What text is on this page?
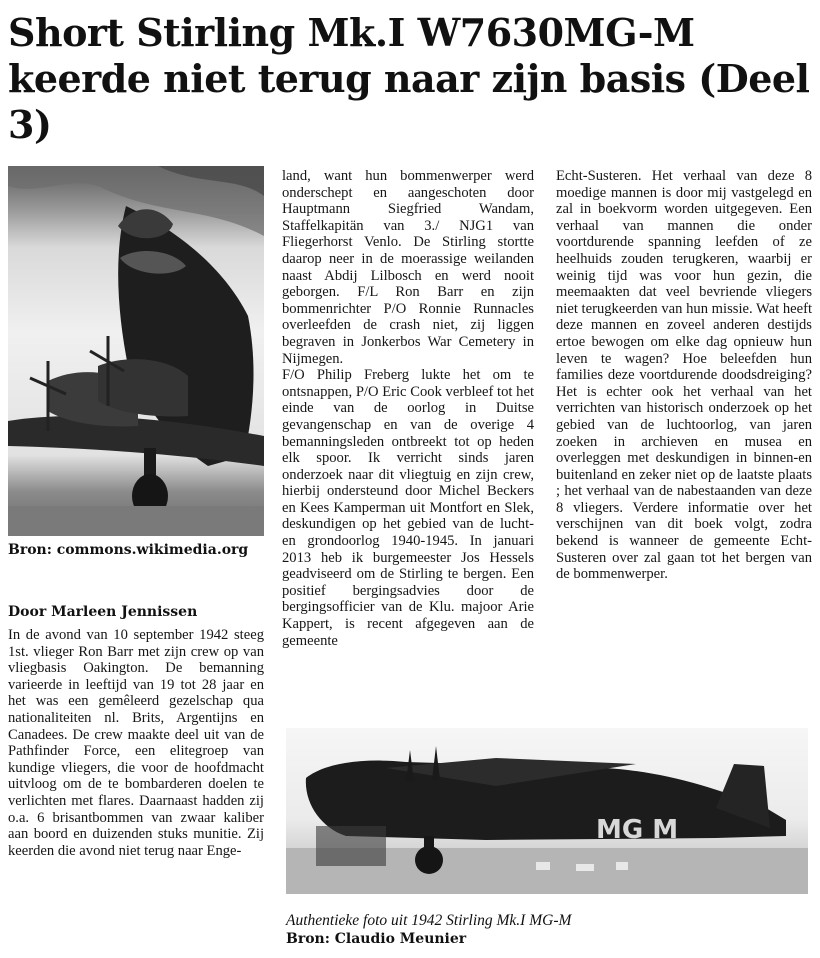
Short Stirling Mk.I W7630MG-M keerde niet terug naar zijn basis (Deel 3)

Bron: commons.wikimedia.org

Door Marleen Jennissen

In de avond van 10 september 1942 steeg 1st. vlieger Ron Barr met zijn crew op van vliegbasis Oakington. De bemanning varieerde in leeftijd van 19 tot 28 jaar en het was een gemêleerd gezelschap qua nationaliteiten nl. Brits, Argentijns en Canadees. De crew maakte deel uit van de Pathfinder Force, een elitegroep van kundige vliegers, die voor de hoofdmacht uitvloog om de te bombarderen doelen te verlichten met flares. Daarnaast hadden zij o.a. 6 brisantbommen van zwaar kaliber aan boord en duizenden stuks munitie. Zij keerden die avond niet terug naar Enge-

land, want hun bommenwerper werd onderschept en aangeschoten door Hauptmann Siegfried Wandam, Staffelkapitän van 3./ NJG1 van Fliegerhorst Venlo. De Stirling stortte daarop neer in de moerassige weilanden naast Abdij Lilbosch en werd nooit geborgen. F/L Ron Barr en zijn bommenrichter P/O Ronnie Runnacles overleefden de crash niet, zij liggen begraven in Jonkerbos War Cemetery in Nijmegen.

F/O Philip Freberg lukte het om te ontsnappen, P/O Eric Cook verbleef tot het einde van de oorlog in Duitse gevangenschap en van de overige 4 bemanningsleden ontbreekt tot op heden elk spoor. Ik verricht sinds jaren onderzoek naar dit vliegtuig en zijn crew, hierbij ondersteund door Michel Beckers en Kees Kamperman uit Montfort en Slek, deskundigen op het gebied van de lucht- en grondoorlog 1940-1945. In januari 2013 heb ik burgemeester Jos Hessels geadviseerd om de Stirling te bergen. Een positief bergingsadvies door de bergingsofficier van de Klu. majoor Arie Kappert, is recent afgegeven aan de gemeente

Echt-Susteren. Het verhaal van deze 8 moedige mannen is door mij vastgelegd en zal in boekvorm worden uitgegeven. Een verhaal van mannen die onder voortdurende spanning leefden of ze heelhuids zouden terugkeren, waarbij er weinig tijd was voor hun gezin, die meemaakten dat veel bevriende vliegers niet terugkeerden van hun missie. Wat heeft deze mannen en zoveel anderen destijds ertoe bewogen om elke dag opnieuw hun leven te wagen? Hoe beleefden hun families deze voortdurende doodsdreiging? Het is echter ook het verhaal van het verrichten van historisch onderzoek op het gebied van de luchtoorlog, van jaren zoeken in archieven en musea en overleggen met deskundigen in binnen-en buitenland en zeker niet op de laatste plaats ; het verhaal van de nabestaanden van deze 8 vliegers. Verdere informatie over het verschijnen van dit boek volgt, zodra bekend is wanneer de gemeente Echt-Susteren over zal gaan tot het bergen van de bommenwerper.

MG M

Authentieke foto uit 1942 Stirling Mk.I MG-M

Bron: Claudio Meunier
